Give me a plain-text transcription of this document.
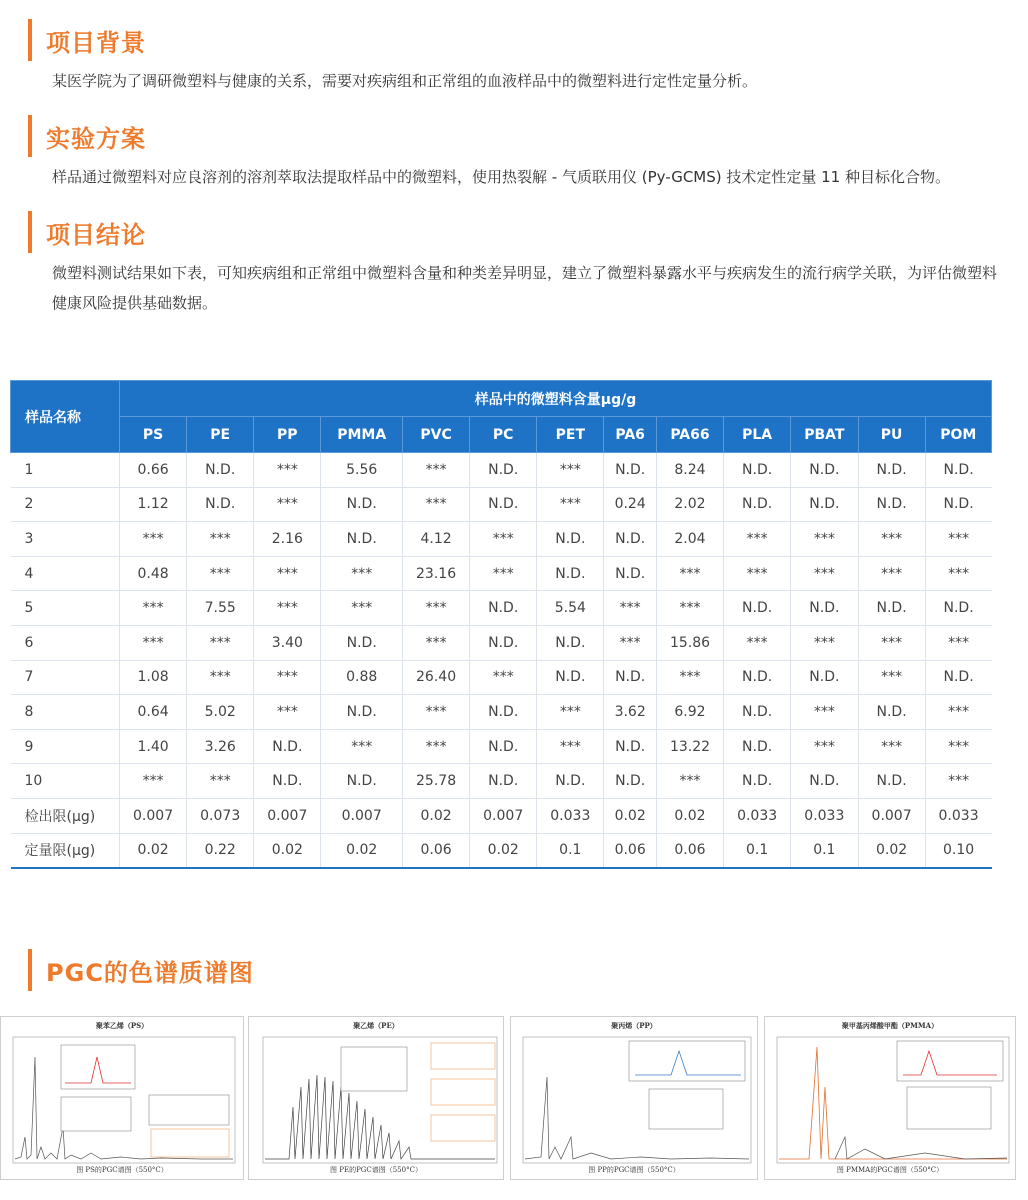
项目背景

某医学院为了调研微塑料与健康的关系，需要对疾病组和正常组的血液样品中的微塑料进行定性定量分析。

实验方案

样品通过微塑料对应良溶剂的溶剂萃取法提取样品中的微塑料，使用热裂解 - 气质联用仪 (Py-GCMS) 技术定性定量 11 种目标化合物。

项目结论

微塑料测试结果如下表，可知疾病组和正常组中微塑料含量和种类差异明显，建立了微塑料暴露水平与疾病发生的流行病学关联，为评估微塑料健康风险提供基础数据。

样品名称	样品中的微塑料含量μg/g												
	PS	PE	PP	PMMA	PVC	PC	PET	PA6	PA66	PLA	PBAT	PU	POM
1	0.66	N.D.	***	5.56	***	N.D.	***	N.D.	8.24	N.D.	N.D.	N.D.	N.D.
2	1.12	N.D.	***	N.D.	***	N.D.	***	0.24	2.02	N.D.	N.D.	N.D.	N.D.
3	***	***	2.16	N.D.	4.12	***	N.D.	N.D.	2.04	***	***	***	***
4	0.48	***	***	***	23.16	***	N.D.	N.D.	***	***	***	***	***
5	***	7.55	***	***	***	N.D.	5.54	***	***	N.D.	N.D.	N.D.	N.D.
6	***	***	3.40	N.D.	***	N.D.	N.D.	***	15.86	***	***	***	***
7	1.08	***	***	0.88	26.40	***	N.D.	N.D.	***	N.D.	N.D.	***	N.D.
8	0.64	5.02	***	N.D.	***	N.D.	***	3.62	6.92	N.D.	***	N.D.	***
9	1.40	3.26	N.D.	***	***	N.D.	***	N.D.	13.22	N.D.	***	***	***
10	***	***	N.D.	N.D.	25.78	N.D.	N.D.	N.D.	***	N.D.	N.D.	N.D.	***
检出限(μg)	0.007	0.073	0.007	0.007	0.02	0.007	0.033	0.02	0.02	0.033	0.033	0.007	0.033
定量限(μg)	0.02	0.22	0.02	0.02	0.06	0.02	0.1	0.06	0.06	0.1	0.1	0.02	0.10
PGC的色谱质谱图
聚苯乙烯（PS）
图 PS的PGC谱图（550°C）
聚乙烯（PE）
图 PE的PGC谱图（550°C）
聚丙烯（PP）
图 PP的PGC谱图（550°C）
聚甲基丙烯酸甲酯（PMMA）
图 PMMA的PGC谱图（550°C）
